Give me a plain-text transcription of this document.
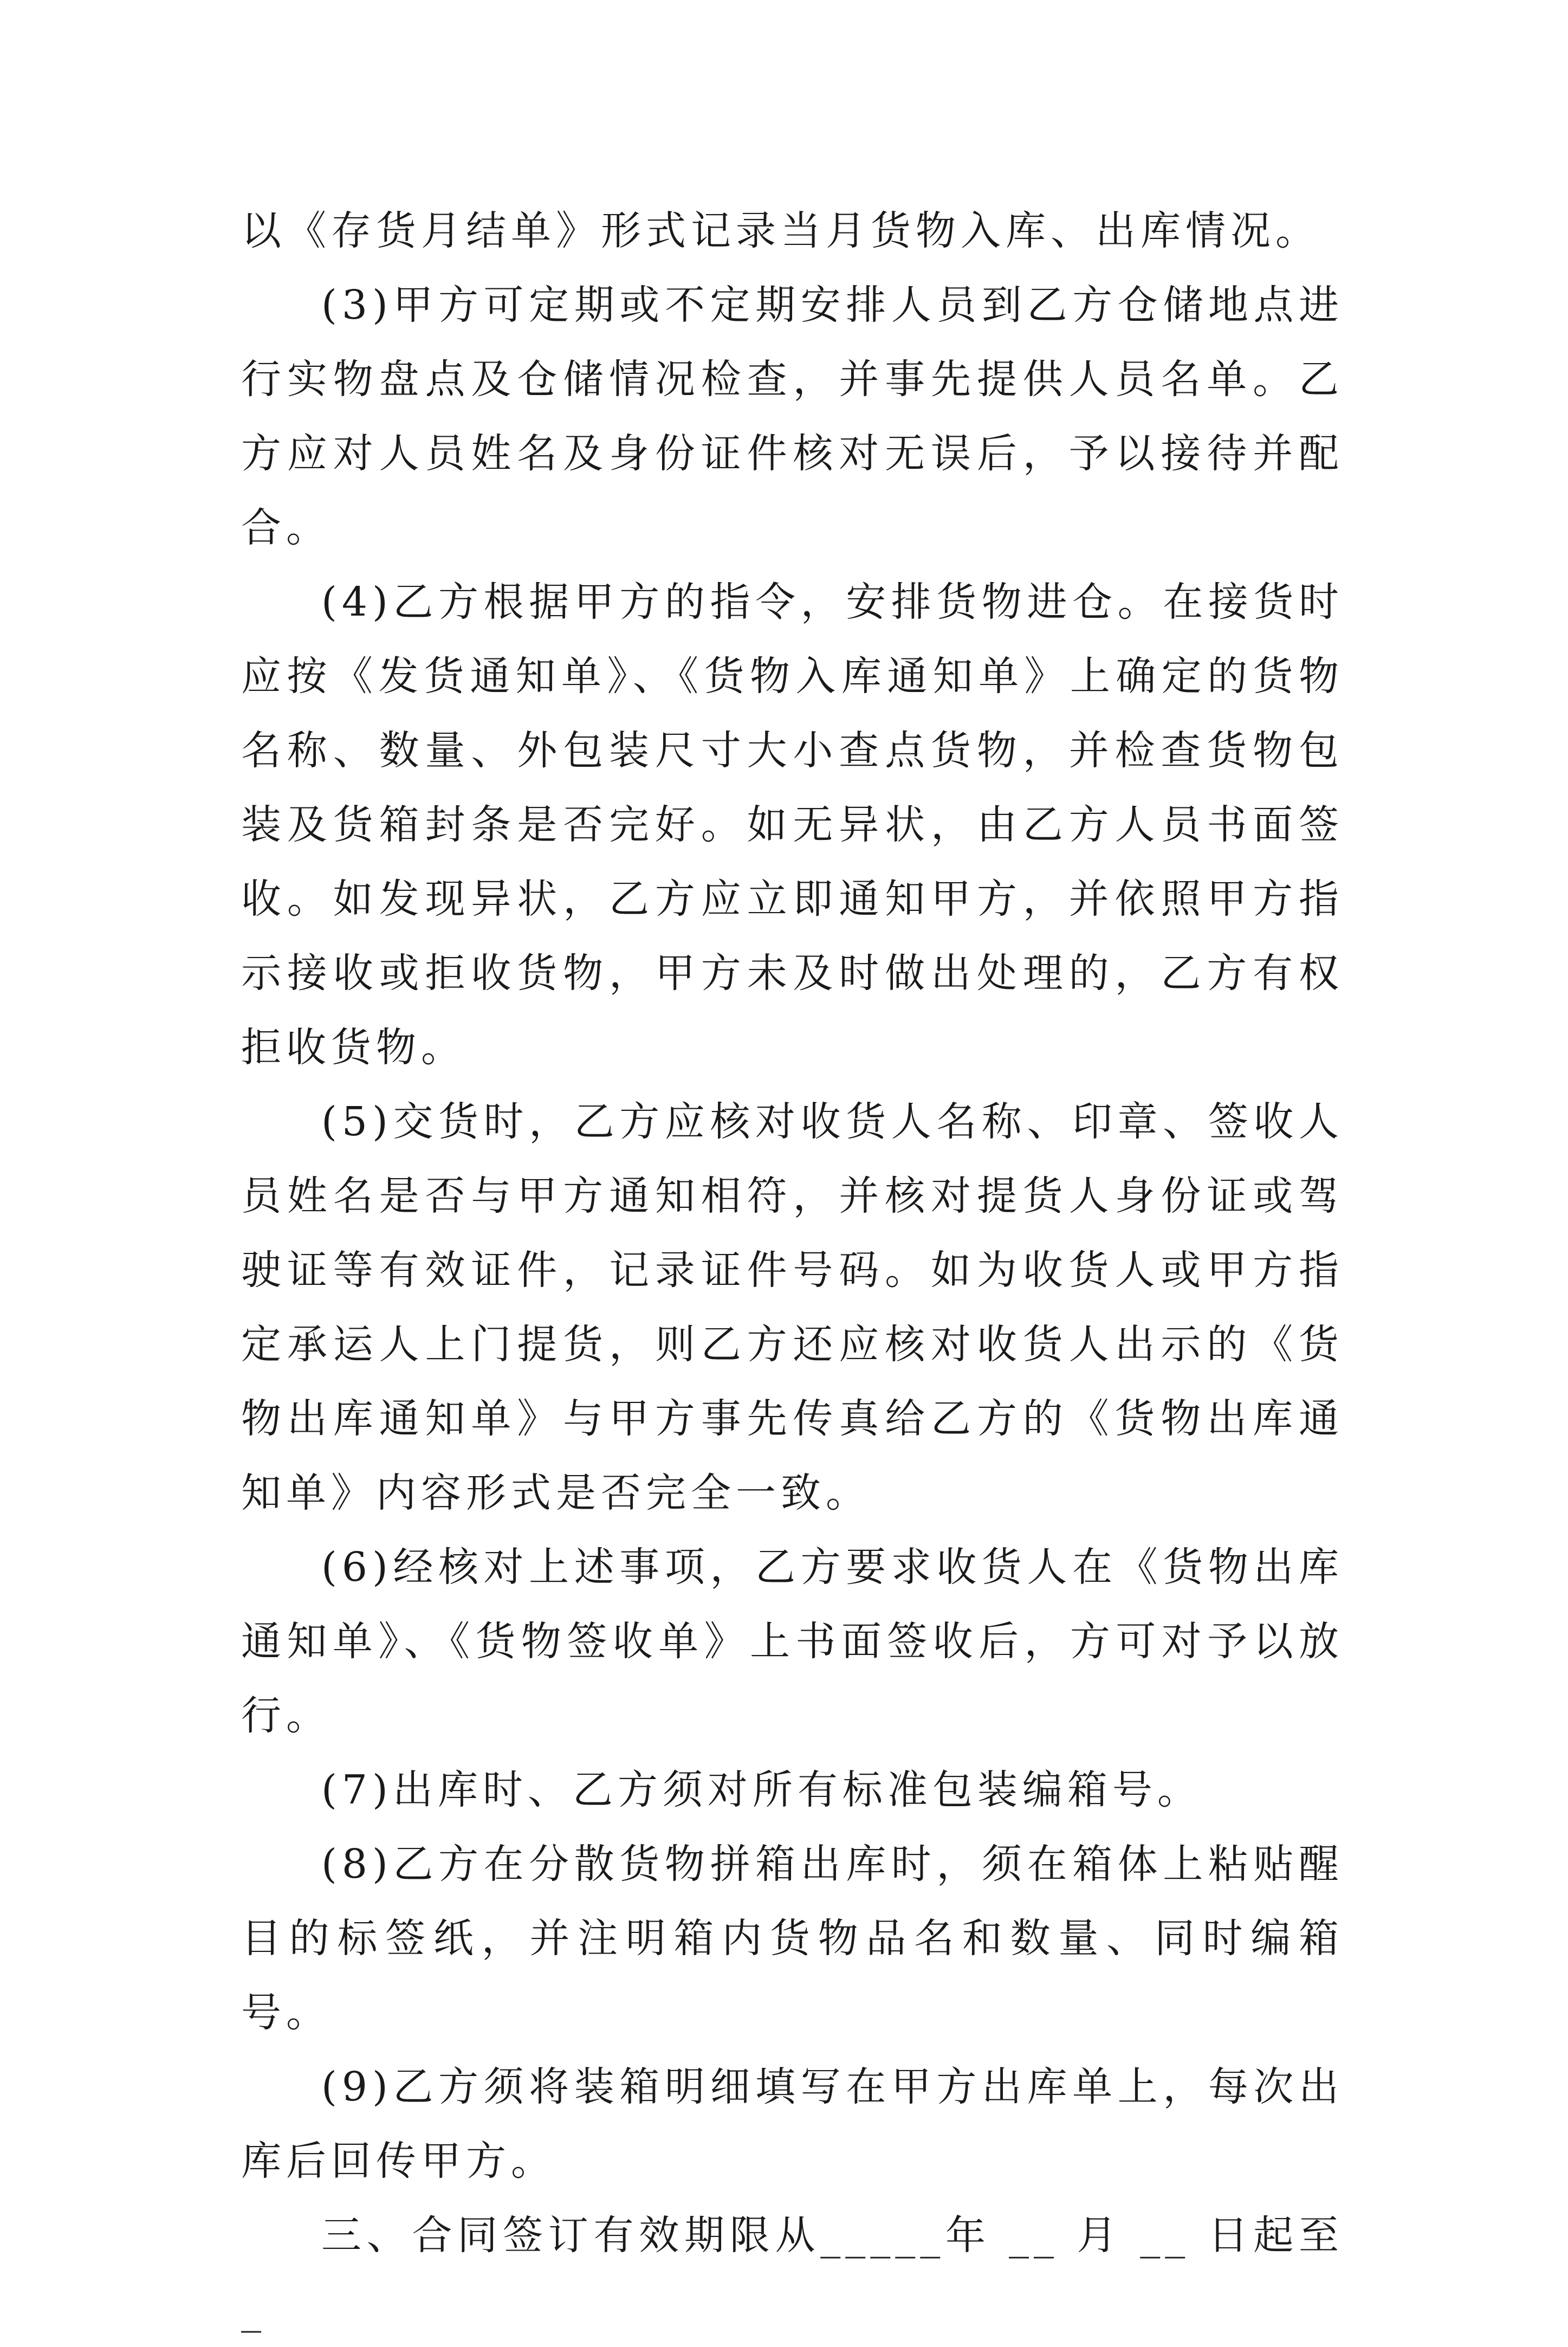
以《存货月结单》形式记录当月货物入库、出库情况。

(3)甲方可定期或不定期安排人员到乙方仓储地点进行实物盘点及仓储情况检查，并事先提供人员名单。乙方应对人员姓名及身份证件核对无误后，予以接待并配合。

(4)乙方根据甲方的指令，安排货物进仓。在接货时应按《发货通知单》、《货物入库通知单》上确定的货物名称、数量、外包装尺寸大小查点货物，并检查货物包装及货箱封条是否完好。如无异状，由乙方人员书面签收。如发现异状，乙方应立即通知甲方，并依照甲方指示接收或拒收货物，甲方未及时做出处理的，乙方有权拒收货物。

(5)交货时，乙方应核对收货人名称、印章、签收人员姓名是否与甲方通知相符，并核对提货人身份证或驾驶证等有效证件，记录证件号码。如为收货人或甲方指定承运人上门提货，则乙方还应核对收货人出示的《货物出库通知单》与甲方事先传真给乙方的《货物出库通知单》内容形式是否完全一致。

(6)经核对上述事项，乙方要求收货人在《货物出库通知单》、《货物签收单》上书面签收后，方可对予以放行。

(7)出库时、乙方须对所有标准包装编箱号。

(8)乙方在分散货物拼箱出库时，须在箱体上粘贴醒目的标签纸，并注明箱内货物品名和数量、同时编箱号。

(9)乙方须将装箱明细填写在甲方出库单上，每次出库后回传甲方。

三、合同签订有效期限从_____年 __ 月 __ 日起至 _
